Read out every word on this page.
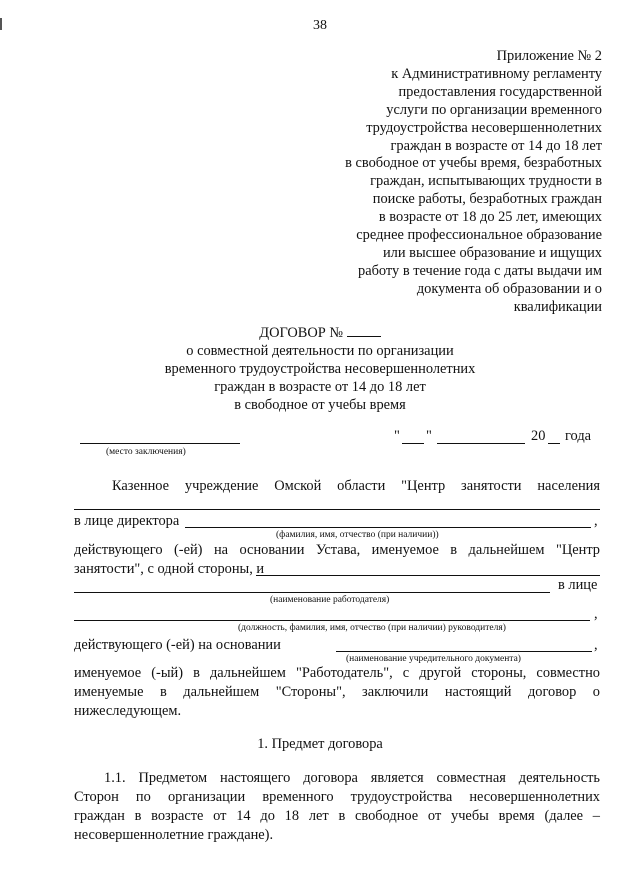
38
Приложение № 2
к Административному регламенту
предоставления государственной
услуги по организации временного
трудоустройства несовершеннолетних
граждан в возрасте от 14 до 18 лет
в свободное от учебы время, безработных
граждан, испытывающих трудности в
поиске работы, безработных граждан
в возрасте от 18 до 25 лет, имеющих
среднее профессиональное образование
или высшее образование и ищущих
работу в течение года с даты выдачи им
документа об образовании и о
квалификации
ДОГОВОР №
о совместной деятельности по организации
временного трудоустройства несовершеннолетних
граждан в возрасте от 14 до 18 лет
в свободное от учебы время
(место заключения)
" "	20 года
Казенное учреждение Омской области "Центр занятости населения
в лице директора	,
(фамилия, имя, отчество (при наличии))
действующего (-ей) на основании Устава, именуемое в дальнейшем "Центр
занятости", с одной стороны, и
в лице
(наименование работодателя)
,
(должность, фамилия, имя, отчество (при наличии) руководителя)
действующего (-ей) на основании	,
(наименование учредительного документа)
именуемое (-ый) в дальнейшем "Работодатель", с другой стороны, совместно
именуемые в дальнейшем "Стороны", заключили настоящий договор о
нижеследующем.
1. Предмет договора
1.1. Предметом настоящего договора является совместная деятельность
Сторон по организации временного трудоустройства несовершеннолетних
граждан в возрасте от 14 до 18 лет в свободное от учебы время (далее –
несовершеннолетние граждане).
